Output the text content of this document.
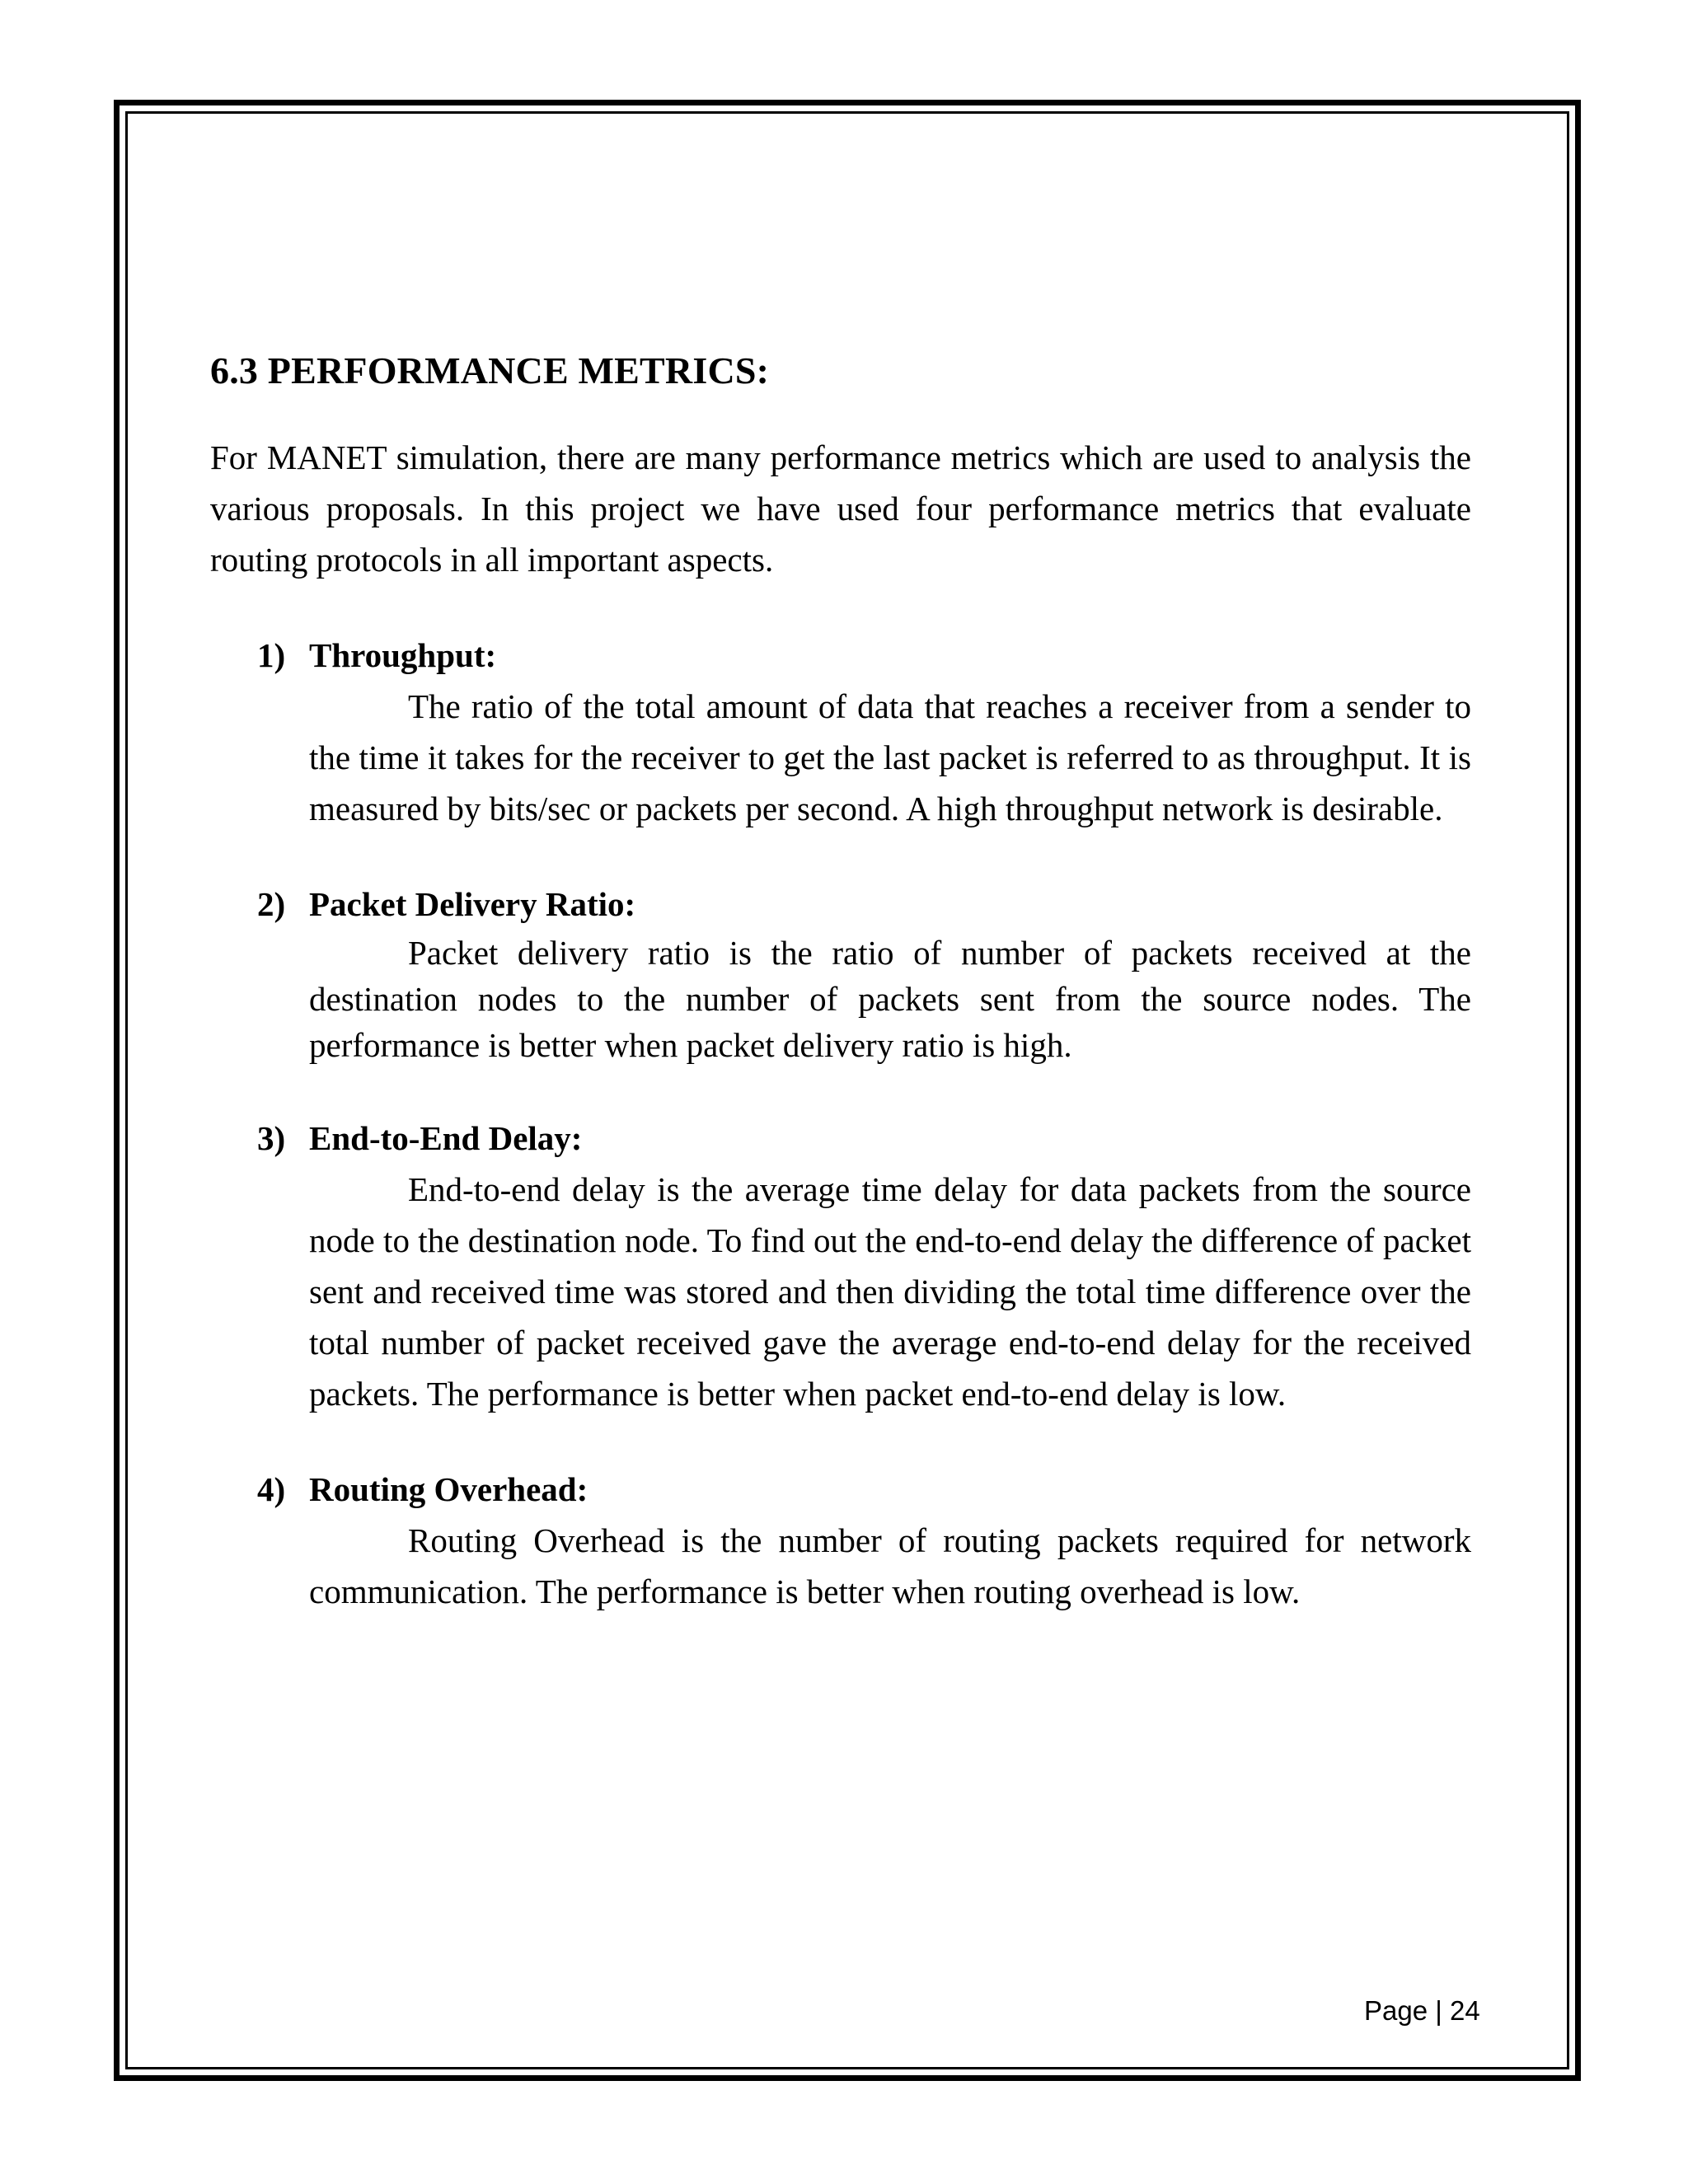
6.3 PERFORMANCE METRICS:

For MANET simulation, there are many performance metrics which are used to analysis the various proposals. In this project we have used four performance metrics that evaluate routing protocols in all important aspects.

1) Throughput:

The ratio of the total amount of data that reaches a receiver from a sender to the time it takes for the receiver to get the last packet is referred to as throughput. It is measured by bits/sec or packets per second. A high throughput network is desirable.

2) Packet Delivery Ratio:

Packet delivery ratio is the ratio of number of packets received at the destination nodes to the number of packets sent from the source nodes. The performance is better when packet delivery ratio is high.

3) End-to-End Delay:

End-to-end delay is the average time delay for data packets from the source node to the destination node. To find out the end-to-end delay the difference of packet sent and received time was stored and then dividing the total time difference over the total number of packet received gave the average end-to-end delay for the received packets. The performance is better when packet end-to-end delay is low.

4) Routing Overhead:

Routing Overhead is the number of routing packets required for network communication. The performance is better when routing overhead is low.

Page | 24
